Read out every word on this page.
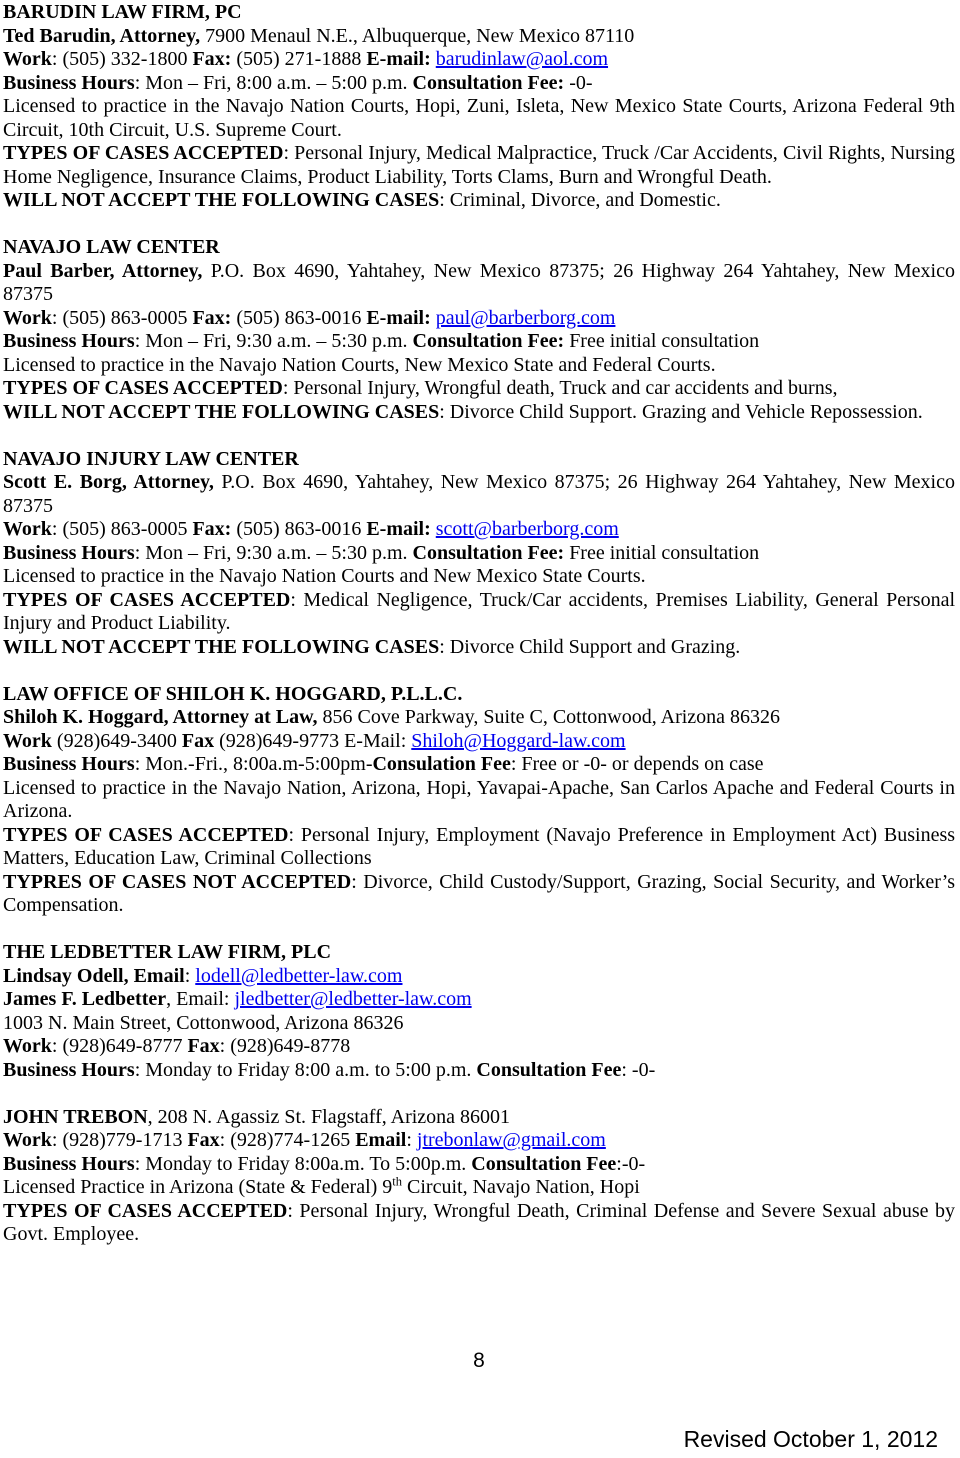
BARUDIN LAW FIRM, PC

Ted Barudin, Attorney, 7900 Menaul N.E., Albuquerque, New Mexico 87110

Work: (505) 332-1800 Fax: (505) 271-1888 E-mail: barudinlaw@aol.com

Business Hours: Mon – Fri, 8:00 a.m. – 5:00 p.m. Consultation Fee: -0-

Licensed to practice in the Navajo Nation Courts, Hopi, Zuni, Isleta, New Mexico State Courts, Arizona Federal 9th Circuit, 10th Circuit, U.S. Supreme Court.

TYPES OF CASES ACCEPTED: Personal Injury, Medical Malpractice, Truck /Car Accidents, Civil Rights, Nursing Home Negligence, Insurance Claims, Product Liability, Torts Clams, Burn and Wrongful Death.

WILL NOT ACCEPT THE FOLLOWING CASES: Criminal, Divorce, and Domestic.

NAVAJO LAW CENTER

Paul Barber, Attorney, P.O. Box 4690, Yahtahey, New Mexico 87375; 26 Highway 264 Yahtahey, New Mexico 87375

Work: (505) 863-0005 Fax: (505) 863-0016 E-mail: paul@barberborg.com

Business Hours: Mon – Fri, 9:30 a.m. – 5:30 p.m. Consultation Fee: Free initial consultation

Licensed to practice in the Navajo Nation Courts, New Mexico State and Federal Courts.

TYPES OF CASES ACCEPTED: Personal Injury, Wrongful death, Truck and car accidents and burns,

WILL NOT ACCEPT THE FOLLOWING CASES: Divorce Child Support. Grazing and Vehicle Repossession.

NAVAJO INJURY LAW CENTER

Scott E. Borg, Attorney, P.O. Box 4690, Yahtahey, New Mexico 87375; 26 Highway 264 Yahtahey, New Mexico 87375

Work: (505) 863-0005 Fax: (505) 863-0016 E-mail: scott@barberborg.com

Business Hours: Mon – Fri, 9:30 a.m. – 5:30 p.m. Consultation Fee: Free initial consultation

Licensed to practice in the Navajo Nation Courts and New Mexico State Courts.

TYPES OF CASES ACCEPTED: Medical Negligence, Truck/Car accidents, Premises Liability, General Personal Injury and Product Liability.

WILL NOT ACCEPT THE FOLLOWING CASES: Divorce Child Support and Grazing.

LAW OFFICE OF SHILOH K. HOGGARD, P.L.L.C.

Shiloh K. Hoggard, Attorney at Law, 856 Cove Parkway, Suite C, Cottonwood, Arizona 86326

Work (928)649-3400 Fax (928)649-9773 E-Mail: Shiloh@Hoggard-law.com

Business Hours: Mon.-Fri., 8:00a.m-5:00pm-Consulation Fee: Free or -0- or depends on case

Licensed to practice in the Navajo Nation, Arizona, Hopi, Yavapai-Apache, San Carlos Apache and Federal Courts in Arizona.

TYPES OF CASES ACCEPTED: Personal Injury, Employment (Navajo Preference in Employment Act) Business Matters, Education Law, Criminal Collections

TYPRES OF CASES NOT ACCEPTED: Divorce, Child Custody/Support, Grazing, Social Security, and Worker’s Compensation.

THE LEDBETTER LAW FIRM, PLC

Lindsay Odell, Email: lodell@ledbetter-law.com

James F. Ledbetter, Email: jledbetter@ledbetter-law.com

1003 N. Main Street, Cottonwood, Arizona 86326

Work: (928)649-8777 Fax: (928)649-8778

Business Hours: Monday to Friday 8:00 a.m. to 5:00 p.m. Consultation Fee: -0-

JOHN TREBON, 208 N. Agassiz St. Flagstaff, Arizona 86001

Work: (928)779-1713 Fax: (928)774-1265 Email: jtrebonlaw@gmail.com

Business Hours: Monday to Friday 8:00a.m. To 5:00p.m. Consultation Fee:-0-

Licensed Practice in Arizona (State & Federal) 9th Circuit, Navajo Nation, Hopi

TYPES OF CASES ACCEPTED: Personal Injury, Wrongful Death, Criminal Defense and Severe Sexual abuse by Govt. Employee.

8
Revised October 1, 2012
